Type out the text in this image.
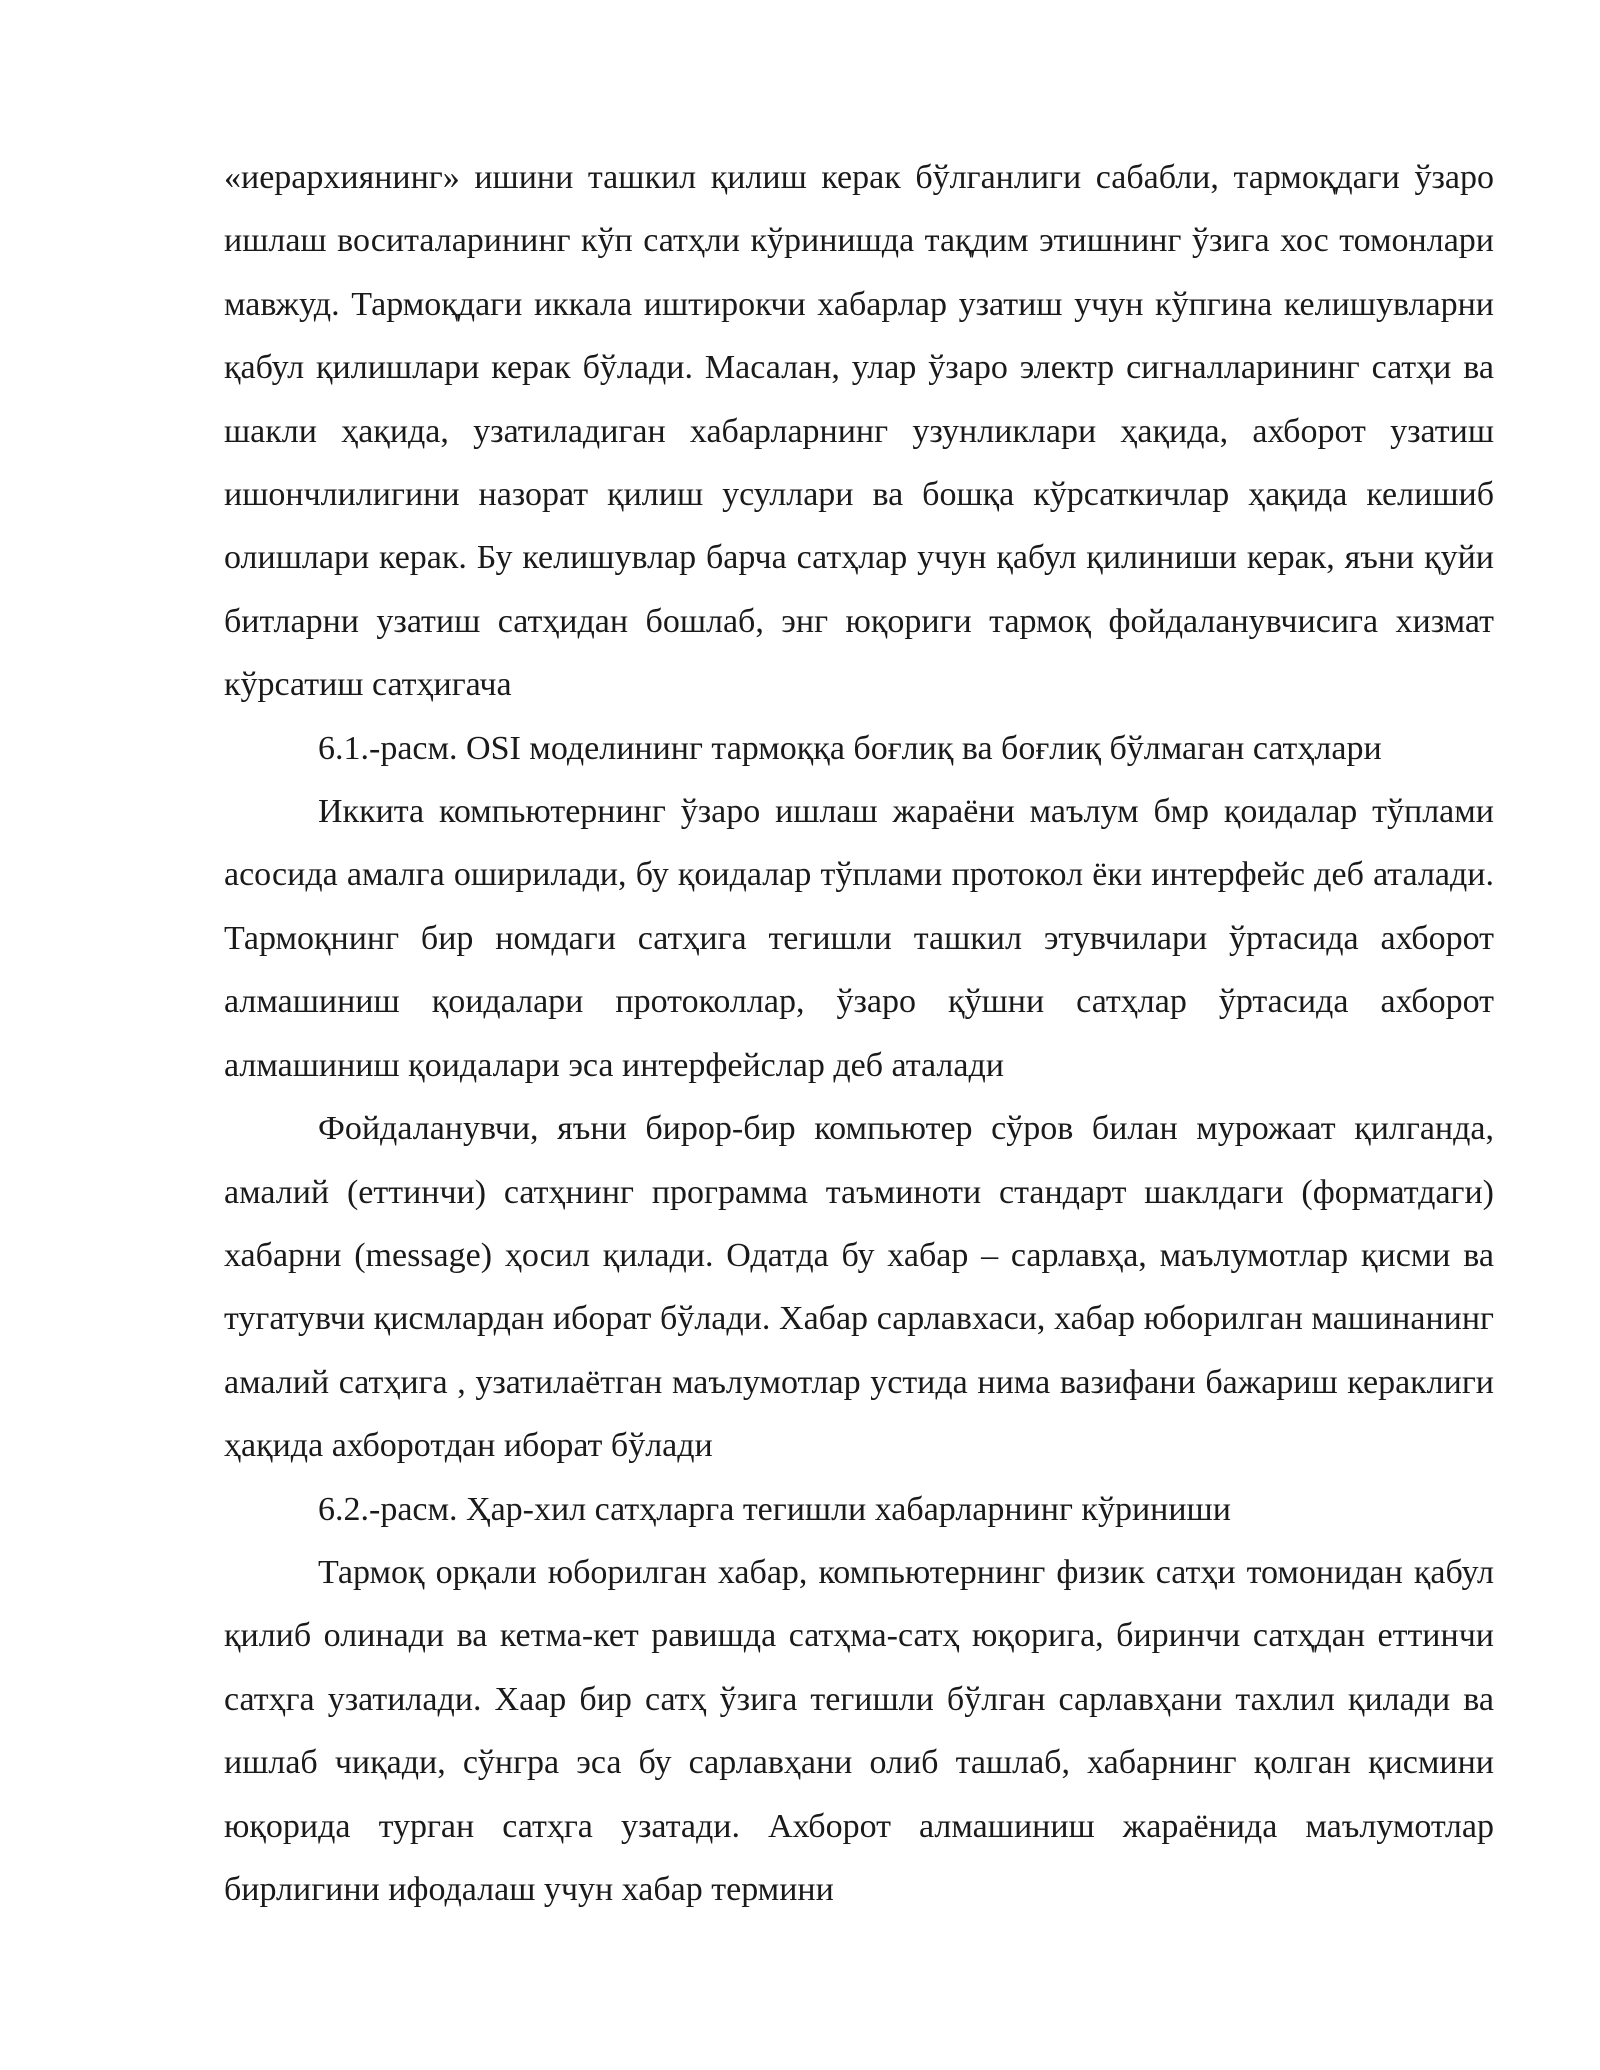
«иерархиянинг» ишини ташкил қилиш керак бўлганлиги сабабли, тармоқдаги ўзаро ишлаш воситаларининг кўп сатҳли кўринишда тақдим этишнинг ўзига хос томонлари мавжуд. Тармоқдаги иккала иштирокчи хабарлар узатиш учун кўпгина келишувларни қабул қилишлари керак бўлади. Масалан, улар ўзаро электр сигналларининг сатҳи ва шакли ҳақида, узатиладиган хабарларнинг узунликлари ҳақида, ахборот узатиш ишончлилигини назорат қилиш усуллари ва бошқа кўрсаткичлар ҳақида келишиб олишлари керак. Бу келишувлар барча сатҳлар учун қабул қилиниши керак, яъни қуйи битларни узатиш сатҳидан бошлаб, энг юқориги тармоқ фойдаланувчисига хизмат кўрсатиш сатҳигача

6.1.-расм. OSI моделининг тармоққа боғлиқ ва боғлиқ бўлмаган сатҳлари

Иккита компьютернинг ўзаро ишлаш жараёни маълум бмр қоидалар тўплами асосида амалга оширилади, бу қоидалар тўплами протокол ёки интерфейс деб аталади. Тармоқнинг бир номдаги сатҳига тегишли ташкил этувчилари ўртасида ахборот алмашиниш қоидалари протоколлар, ўзаро қўшни сатҳлар ўртасида ахборот алмашиниш қоидалари эса интерфейслар деб аталади

Фойдаланувчи, яъни бирор-бир компьютер сўров билан мурожаат қилганда, амалий (еттинчи) сатҳнинг программа таъминоти стандарт шаклдаги (форматдаги) хабарни (message) ҳосил қилади. Одатда бу хабар – сарлавҳа, маълумотлар қисми ва тугатувчи қисмлардан иборат бўлади. Хабар сарлавхаси, хабар юборилган машинанинг амалий сатҳига , узатилаётган маълумотлар устида нима вазифани бажариш кераклиги ҳақида ахборотдан иборат бўлади

6.2.-расм. Ҳар-хил сатҳларга тегишли хабарларнинг кўриниши

Тармоқ орқали юборилган хабар, компьютернинг физик сатҳи томонидан қабул қилиб олинади ва кетма-кет равишда сатҳма-сатҳ юқорига, биринчи сатҳдан еттинчи сатҳга узатилади. Хаар бир сатҳ ўзига тегишли бўлган сарлавҳани тахлил қилади ва ишлаб чиқади, сўнгра эса бу сарлавҳани олиб ташлаб, хабарнинг қолган қисмини юқорида турган сатҳга узатади. Ахборот алмашиниш жараёнида маълумотлар бирлигини ифодалаш учун хабар термини
